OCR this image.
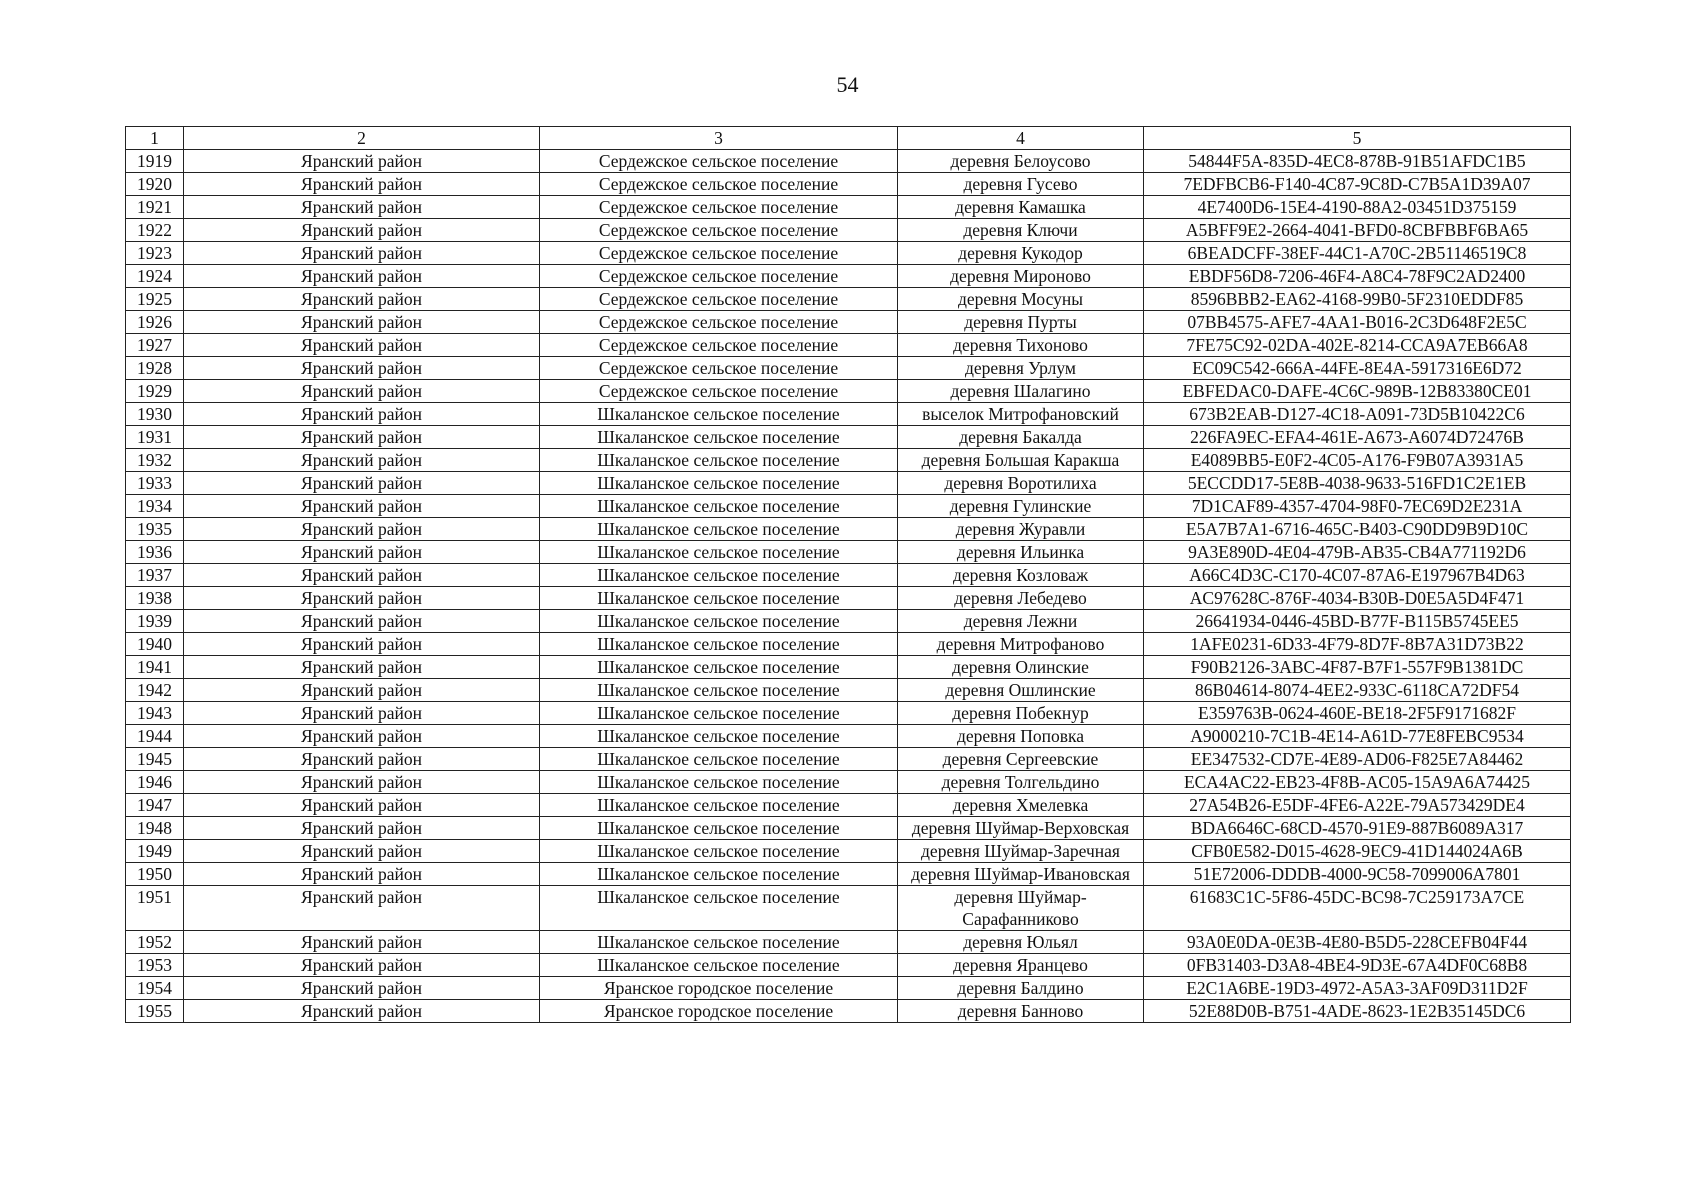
54
1	2	3	4	5
1919	Яранский район	Сердежское сельское поселение	деревня Белоусово	54844F5A-835D-4EC8-878B-91B51AFDC1B5
1920	Яранский район	Сердежское сельское поселение	деревня Гусево	7EDFBCB6-F140-4C87-9C8D-C7B5A1D39A07
1921	Яранский район	Сердежское сельское поселение	деревня Камашка	4E7400D6-15E4-4190-88A2-03451D375159
1922	Яранский район	Сердежское сельское поселение	деревня Ключи	A5BFF9E2-2664-4041-BFD0-8CBFBBF6BA65
1923	Яранский район	Сердежское сельское поселение	деревня Кукодор	6BEADCFF-38EF-44C1-A70C-2B51146519C8
1924	Яранский район	Сердежское сельское поселение	деревня Мироново	EBDF56D8-7206-46F4-A8C4-78F9C2AD2400
1925	Яранский район	Сердежское сельское поселение	деревня Мосуны	8596BBB2-EA62-4168-99B0-5F2310EDDF85
1926	Яранский район	Сердежское сельское поселение	деревня Пурты	07BB4575-AFE7-4AA1-B016-2C3D648F2E5C
1927	Яранский район	Сердежское сельское поселение	деревня Тихоново	7FE75C92-02DA-402E-8214-CCA9A7EB66A8
1928	Яранский район	Сердежское сельское поселение	деревня Урлум	EC09C542-666A-44FE-8E4A-5917316E6D72
1929	Яранский район	Сердежское сельское поселение	деревня Шалагино	EBFEDAC0-DAFE-4C6C-989B-12B83380CE01
1930	Яранский район	Шкаланское сельское поселение	выселок Митрофановский	673B2EAB-D127-4C18-A091-73D5B10422C6
1931	Яранский район	Шкаланское сельское поселение	деревня Бакалда	226FA9EC-EFA4-461E-A673-A6074D72476B
1932	Яранский район	Шкаланское сельское поселение	деревня Большая Каракша	E4089BB5-E0F2-4C05-A176-F9B07A3931A5
1933	Яранский район	Шкаланское сельское поселение	деревня Воротилиха	5ECCDD17-5E8B-4038-9633-516FD1C2E1EB
1934	Яранский район	Шкаланское сельское поселение	деревня Гулинские	7D1CAF89-4357-4704-98F0-7EC69D2E231A
1935	Яранский район	Шкаланское сельское поселение	деревня Журавли	E5A7B7A1-6716-465C-B403-C90DD9B9D10C
1936	Яранский район	Шкаланское сельское поселение	деревня Ильинка	9A3E890D-4E04-479B-AB35-CB4A771192D6
1937	Яранский район	Шкаланское сельское поселение	деревня Козловаж	A66C4D3C-C170-4C07-87A6-E197967B4D63
1938	Яранский район	Шкаланское сельское поселение	деревня Лебедево	AC97628C-876F-4034-B30B-D0E5A5D4F471
1939	Яранский район	Шкаланское сельское поселение	деревня Лежни	26641934-0446-45BD-B77F-B115B5745EE5
1940	Яранский район	Шкаланское сельское поселение	деревня Митрофаново	1AFE0231-6D33-4F79-8D7F-8B7A31D73B22
1941	Яранский район	Шкаланское сельское поселение	деревня Олинские	F90B2126-3ABC-4F87-B7F1-557F9B1381DC
1942	Яранский район	Шкаланское сельское поселение	деревня Ошлинские	86B04614-8074-4EE2-933C-6118CA72DF54
1943	Яранский район	Шкаланское сельское поселение	деревня Побекнур	E359763B-0624-460E-BE18-2F5F9171682F
1944	Яранский район	Шкаланское сельское поселение	деревня Поповка	A9000210-7C1B-4E14-A61D-77E8FEBC9534
1945	Яранский район	Шкаланское сельское поселение	деревня Сергеевские	EE347532-CD7E-4E89-AD06-F825E7A84462
1946	Яранский район	Шкаланское сельское поселение	деревня Толгельдино	ECA4AC22-EB23-4F8B-AC05-15A9A6A74425
1947	Яранский район	Шкаланское сельское поселение	деревня Хмелевка	27A54B26-E5DF-4FE6-A22E-79A573429DE4
1948	Яранский район	Шкаланское сельское поселение	деревня Шуймар-Верховская	BDA6646C-68CD-4570-91E9-887B6089A317
1949	Яранский район	Шкаланское сельское поселение	деревня Шуймар-Заречная	CFB0E582-D015-4628-9EC9-41D144024A6B
1950	Яранский район	Шкаланское сельское поселение	деревня Шуймар-Ивановская	51E72006-DDDB-4000-9C58-7099006A7801
1951	Яранский район	Шкаланское сельское поселение	деревня Шуймар-Сарафанниково	61683C1C-5F86-45DC-BC98-7C259173A7CE
1952	Яранский район	Шкаланское сельское поселение	деревня Юльял	93A0E0DA-0E3B-4E80-B5D5-228CEFB04F44
1953	Яранский район	Шкаланское сельское поселение	деревня Яранцево	0FB31403-D3A8-4BE4-9D3E-67A4DF0C68B8
1954	Яранский район	Яранское городское поселение	деревня Балдино	E2C1A6BE-19D3-4972-A5A3-3AF09D311D2F
1955	Яранский район	Яранское городское поселение	деревня Банново	52E88D0B-B751-4ADE-8623-1E2B35145DC6
